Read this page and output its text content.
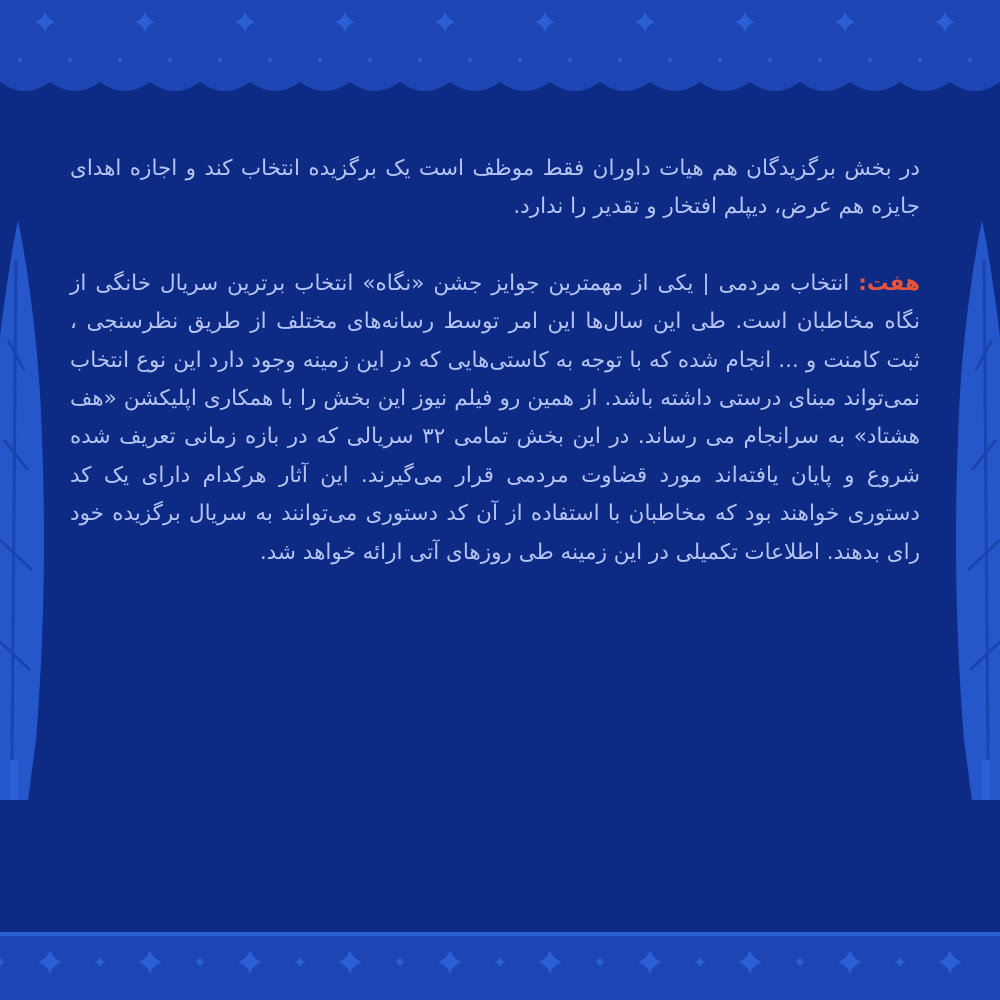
در بخش برگزیدگان هم هیات داوران فقط موظف است یک برگزیده انتخاب کند و اجازه اهدای جایزه هم عرض، دیپلم افتخار و تقدیر را ندارد.

هفت: انتخاب مردمی | یکی از مهمترین جوایز جشن «نگاه» انتخاب برترین سریال خانگی از نگاه مخاطبان است. طی این سال‌ها این امر توسط رسانه‌های مختلف از طریق نظرسنجی ، ثبت کامنت و ... انجام شده که با توجه به کاستی‌هایی که در این زمینه وجود دارد این نوع انتخاب نمی‌تواند مبنای درستی داشته باشد. از همین رو فیلم نیوز این بخش را با همکاری اپلیکشن «هف هشتاد» به سرانجام می رساند. در این بخش تمامی ۳۲ سریالی که در بازه زمانی تعریف شده شروع و پایان یافته‌اند مورد قضاوت مردمی قرار می‌گیرند. این آثار هرکدام دارای یک کد دستوری خواهند بود که مخاطبان با استفاده از آن کد دستوری می‌توانند به سریال برگزیده خود رای بدهند. اطلاعات تکمیلی در این زمینه طی روزهای آتی ارائه خواهد شد.
